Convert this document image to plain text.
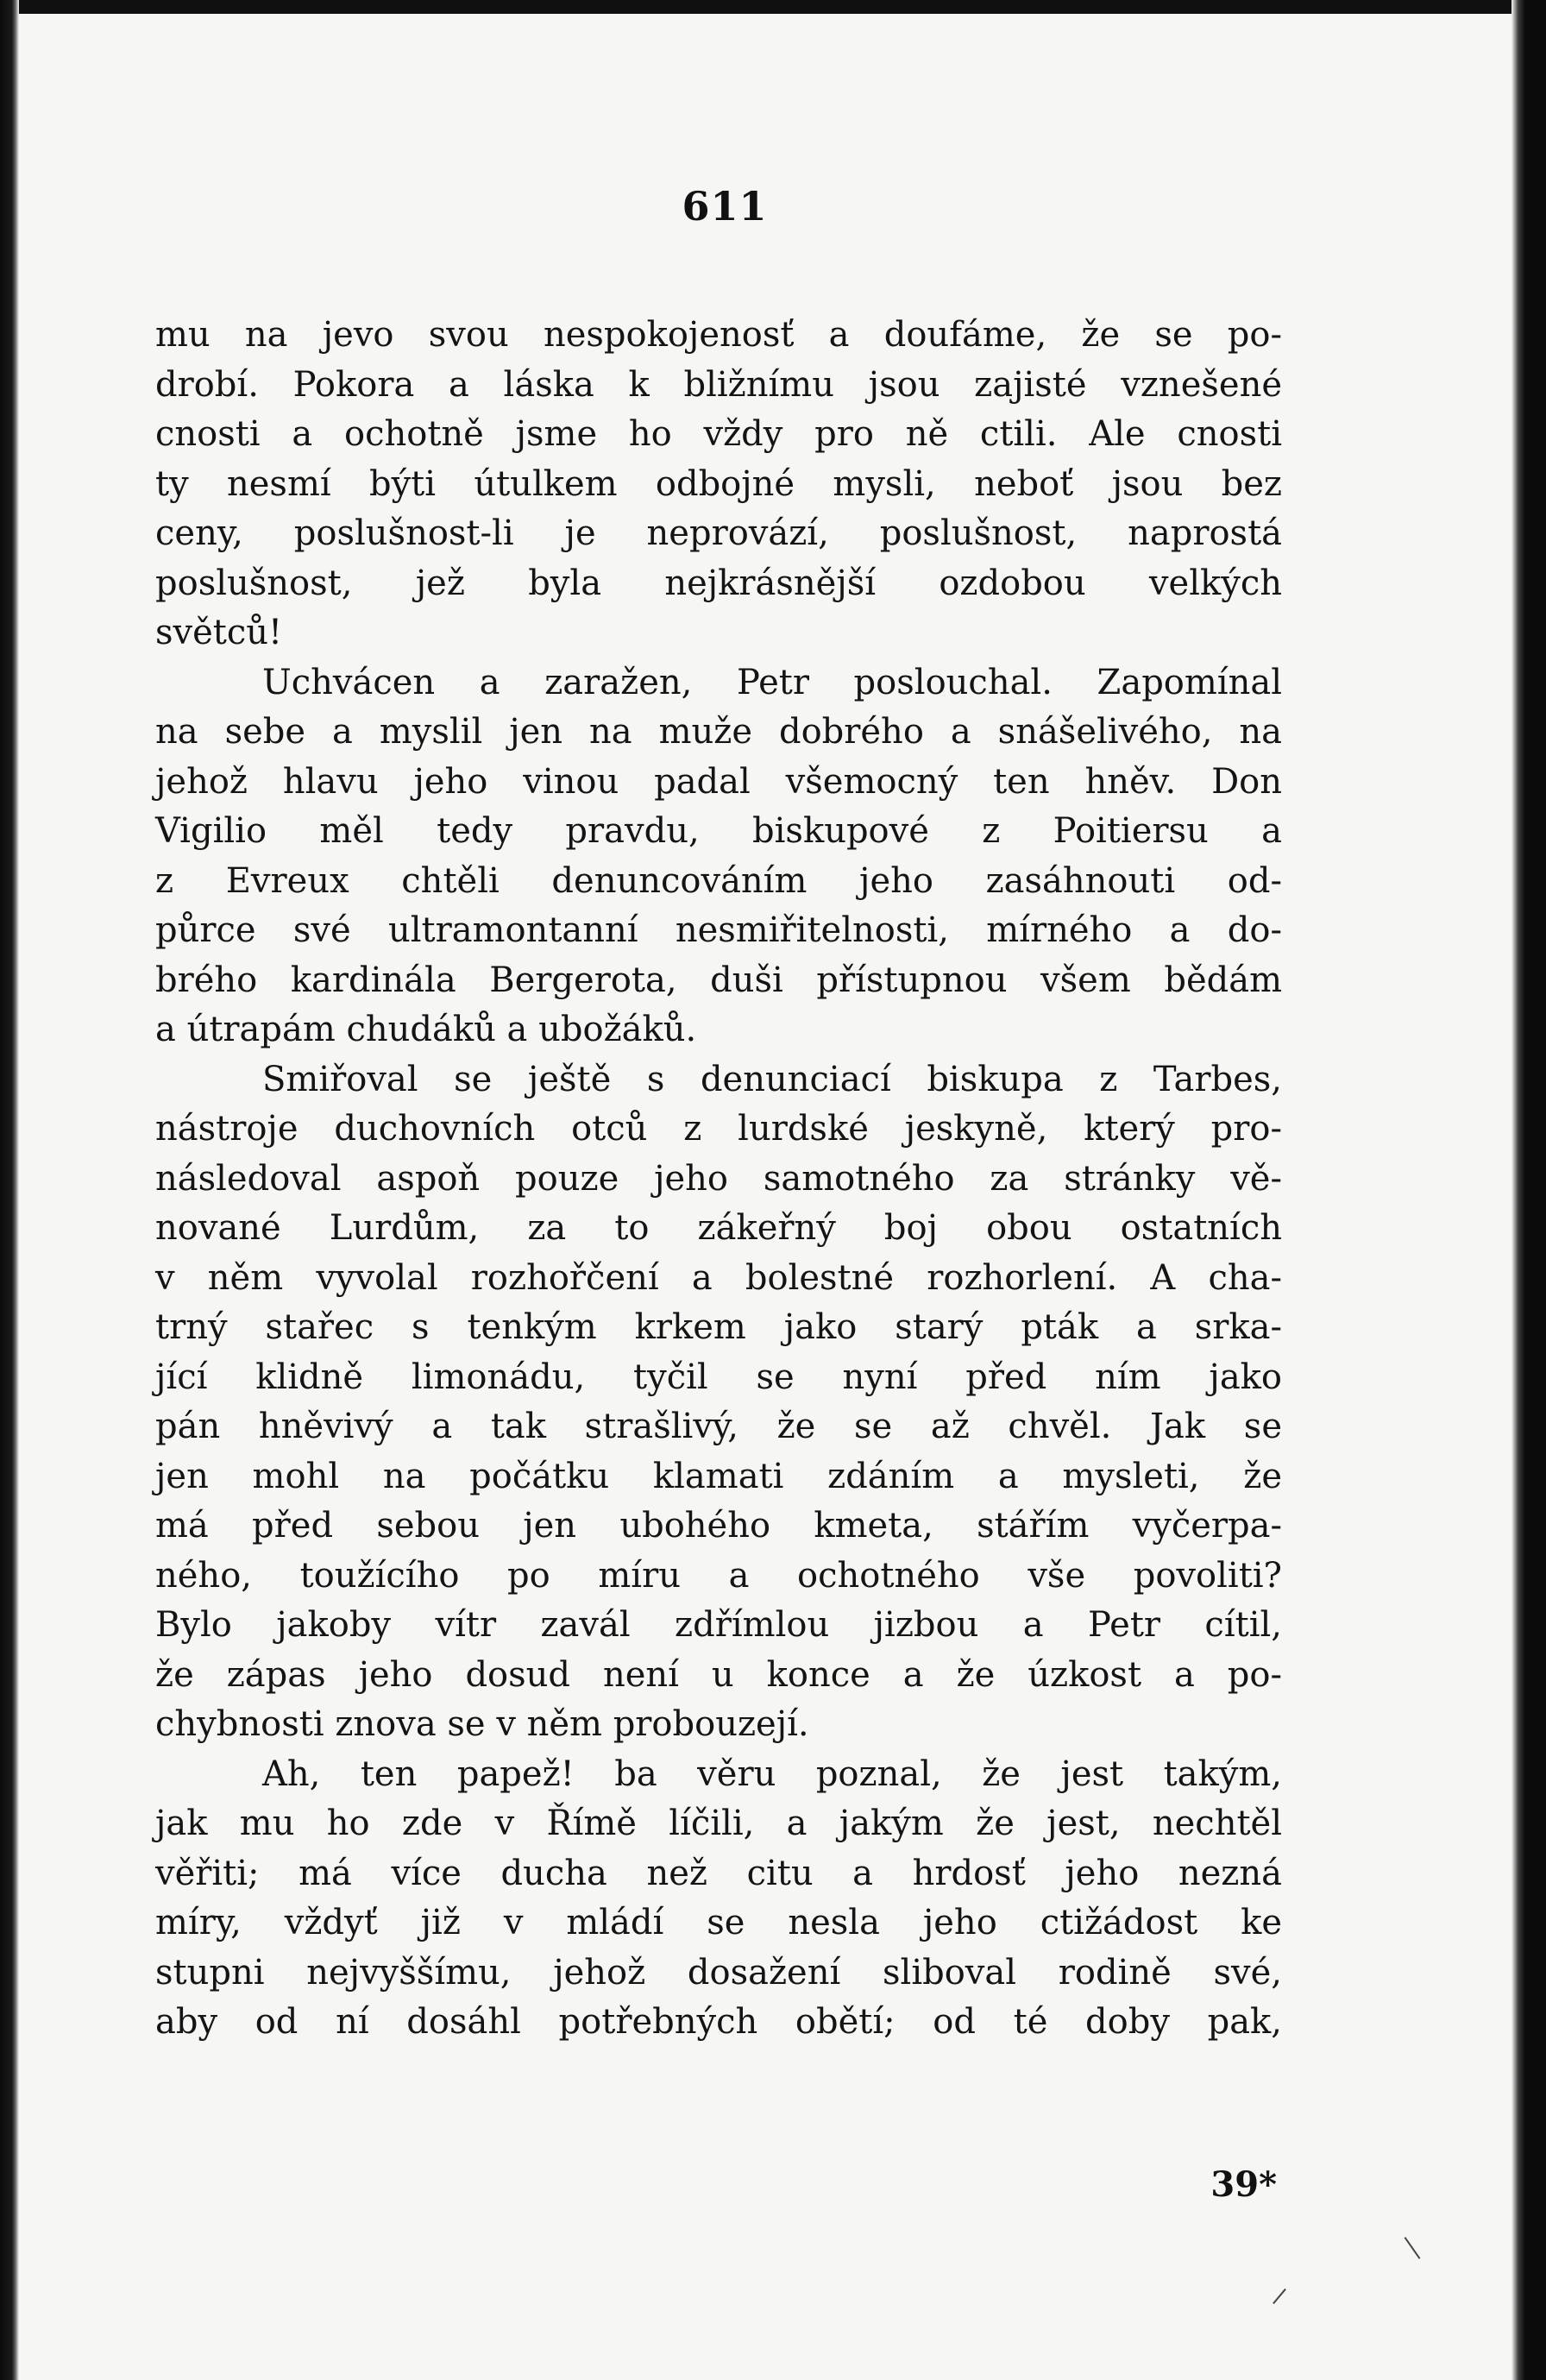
611
mu na jevo svou nespokojenosť a doufáme, že se po-
drobí. Pokora a láska k bližnímu jsou zajisté vznešené
cnosti a ochotně jsme ho vždy pro ně ctili. Ale cnosti
ty nesmí býti útulkem odbojné mysli, neboť jsou bez
ceny, poslušnost-li je neprovází, poslušnost, naprostá
poslušnost, jež byla nejkrásnější ozdobou velkých
světců!
Uchvácen a zaražen, Petr poslouchal. Zapomínal
na sebe a myslil jen na muže dobrého a snášelivého, na
jehož hlavu jeho vinou padal všemocný ten hněv. Don
Vigilio měl tedy pravdu, biskupové z Poitiersu a
z Evreux chtěli denuncováním jeho zasáhnouti od-
půrce své ultramontanní nesmiřitelnosti, mírného a do-
brého kardinála Bergerota, duši přístupnou všem bědám
a útrapám chudáků a ubožáků.
Smiřoval se ještě s denunciací biskupa z Tarbes,
nástroje duchovních otců z lurdské jeskyně, který pro-
následoval aspoň pouze jeho samotného za stránky vě-
nované Lurdům, za to zákeřný boj obou ostatních
v něm vyvolal rozhořčení a bolestné rozhorlení. A cha-
trný stařec s tenkým krkem jako starý pták a srka-
jící klidně limonádu, tyčil se nyní před ním jako
pán hněvivý a tak strašlivý, že se až chvěl. Jak se
jen mohl na počátku klamati zdáním a mysleti, že
má před sebou jen ubohého kmeta, stářím vyčerpa-
ného, toužícího po míru a ochotného vše povoliti?
Bylo jakoby vítr zavál zdřímlou jizbou a Petr cítil,
že zápas jeho dosud není u konce a že úzkost a po-
chybnosti znova se v něm probouzejí.
Ah, ten papež! ba věru poznal, že jest takým,
jak mu ho zde v Římě líčili, a jakým že jest, nechtěl
věřiti; má více ducha než citu a hrdosť jeho nezná
míry, vždyť již v mládí se nesla jeho ctižádost ke
stupni nejvyššímu, jehož dosažení sliboval rodině své,
aby od ní dosáhl potřebných obětí; od té doby pak,
39*
